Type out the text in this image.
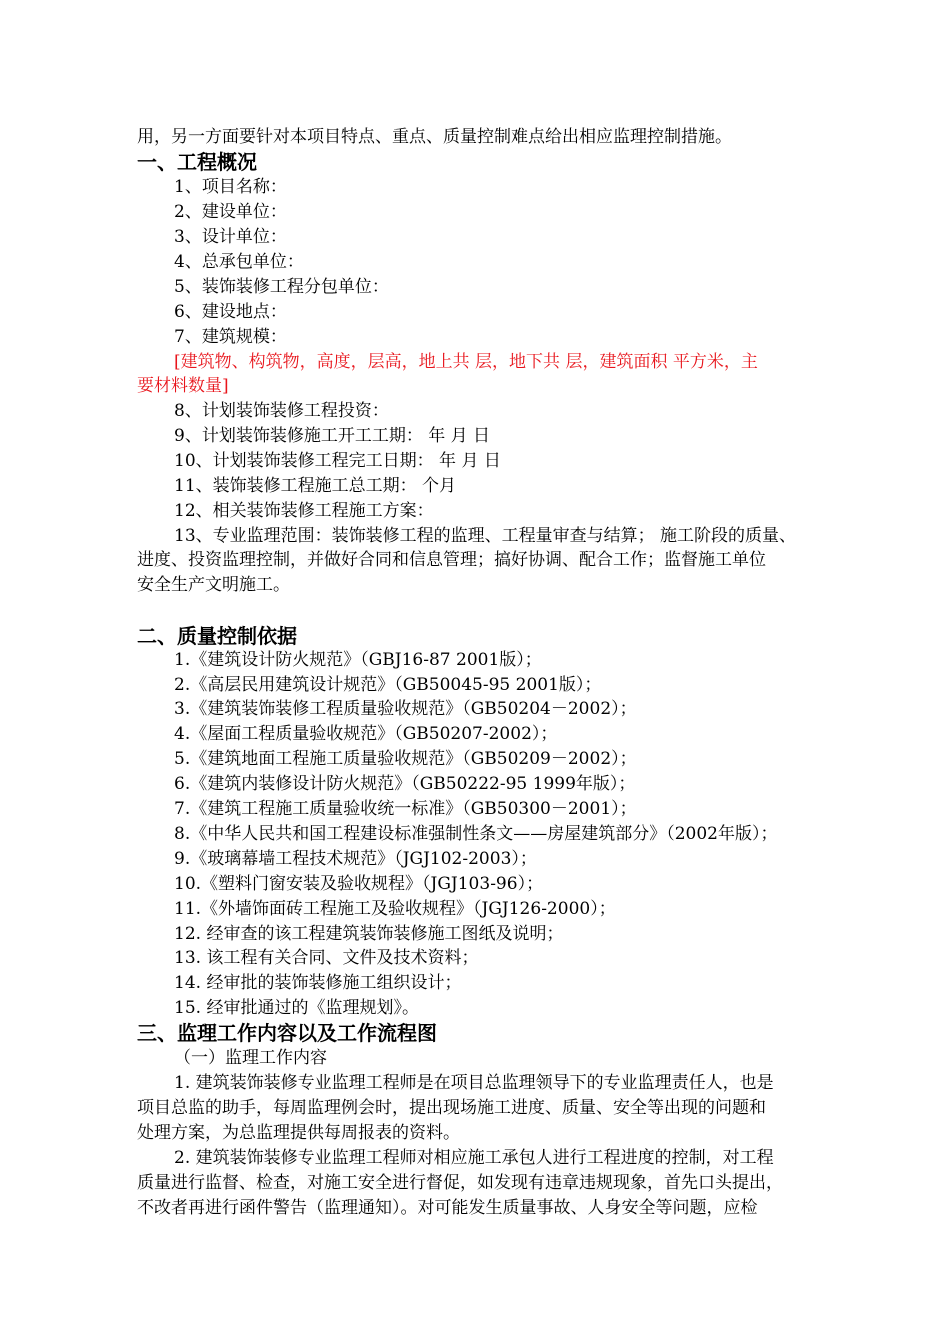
用，另一方面要针对本项目特点、重点、质量控制难点给出相应监理控制措施。
一、工程概况
1、项目名称：
2、建设单位：
3、设计单位：
4、总承包单位：
5、装饰装修工程分包单位：
6、建设地点：
7、建筑规模：
[建筑物、构筑物，高度，层高，地上共 层，地下共 层，建筑面积 平方米，主
要材料数量]
8、计划装饰装修工程投资：
9、计划装饰装修施工开工工期： 年 月 日
10、计划装饰装修工程完工日期： 年 月 日
11、装饰装修工程施工总工期： 个月
12、相关装饰装修工程施工方案：
13、专业监理范围：装饰装修工程的监理、工程量审查与结算； 施工阶段的质量、
进度、投资监理控制，并做好合同和信息管理；搞好协调、配合工作；监督施工单位
安全生产文明施工。
二、质量控制依据
1.《建筑设计防火规范》（GBJ16-87 2001版）；
2.《高层民用建筑设计规范》（GB50045-95 2001版）；
3.《建筑装饰装修工程质量验收规范》（GB50204－2002）；
4.《屋面工程质量验收规范》（GB50207-2002）；
5.《建筑地面工程施工质量验收规范》（GB50209－2002）；
6.《建筑内装修设计防火规范》（GB50222-95 1999年版）；
7.《建筑工程施工质量验收统一标准》（GB50300－2001）；
8.《中华人民共和国工程建设标准强制性条文——房屋建筑部分》（2002年版）；
9.《玻璃幕墙工程技术规范》（JGJ102-2003）；
10.《塑料门窗安装及验收规程》（JGJ103-96）；
11.《外墙饰面砖工程施工及验收规程》（JGJ126-2000）；
12. 经审查的该工程建筑装饰装修施工图纸及说明；
13. 该工程有关合同、文件及技术资料；
14. 经审批的装饰装修施工组织设计；
15. 经审批通过的《监理规划》。
三、监理工作内容以及工作流程图
（一）监理工作内容
1. 建筑装饰装修专业监理工程师是在项目总监理领导下的专业监理责任人，也是
项目总监的助手，每周监理例会时，提出现场施工进度、质量、安全等出现的问题和
处理方案，为总监理提供每周报表的资料。
2. 建筑装饰装修专业监理工程师对相应施工承包人进行工程进度的控制，对工程
质量进行监督、检查，对施工安全进行督促，如发现有违章违规现象，首先口头提出，
不改者再进行函件警告（监理通知）。对可能发生质量事故、人身安全等问题，应检
